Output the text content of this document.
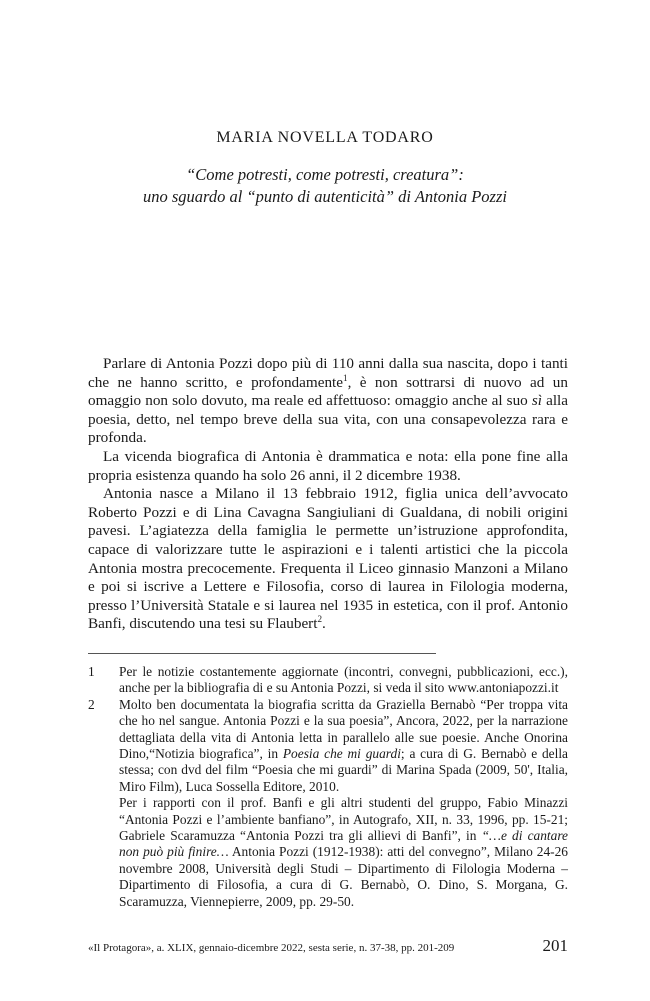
MARIA NOVELLA TODARO
“Come potresti, come potresti, creatura”:
uno sguardo al “punto di autenticità” di Antonia Pozzi

Parlare di Antonia Pozzi dopo più di 110 anni dalla sua nascita, dopo i tanti che ne hanno scritto, e profondamente$^1$, è non sottrarsi di nuovo ad un omaggio non solo dovuto, ma reale ed affettuoso: omaggio anche al suo sì alla poesia, detto, nel tempo breve della sua vita, con una consapevolezza rara e profonda.

La vicenda biografica di Antonia è drammatica e nota: ella pone fine alla propria esistenza quando ha solo 26 anni, il 2 dicembre 1938.

Antonia nasce a Milano il 13 febbraio 1912, figlia unica dell’avvocato Roberto Pozzi e di Lina Cavagna Sangiuliani di Gualdana, di nobili origini pavesi. L’agiatezza della famiglia le permette un’istruzione approfondita, capace di valorizzare tutte le aspirazioni e i talenti artistici che la piccola Antonia mostra precocemente. Frequenta il Liceo ginnasio Manzoni a Milano e poi si iscrive a Lettere e Filosofia, corso di laurea in Filologia moderna, presso l’Università Statale e si laurea nel 1935 in estetica, con il prof. Antonio Banfi, discutendo una tesi su Flaubert$^2$.

1	Per le notizie costantemente aggiornate (incontri, convegni, pubblicazioni, ecc.), anche per la bibliografia di e su Antonia Pozzi, si veda il sito www.antoniapozzi.it

2	Molto ben documentata la biografia scritta da Graziella Bernabò “Per troppa vita che ho nel sangue. Antonia Pozzi e la sua poesia”, Ancora, 2022, per la narrazione dettagliata della vita di Antonia letta in parallelo alle sue poesie. Anche Onorina Dino,“Notizia biografica”, in Poesia che mi guardi; a cura di G. Bernabò e della stessa; con dvd del film “Poesia che mi guardi” di Marina Spada (2009, 50', Italia, Miro Film), Luca Sossella Editore, 2010.

Per i rapporti con il prof. Banfi e gli altri studenti del gruppo, Fabio Minazzi “Antonia Pozzi e l’ambiente banfiano”, in Autografo, XII, n. 33, 1996, pp. 15-21; Gabriele Scaramuzza “Antonia Pozzi tra gli allievi di Banfi”, in “…e di cantare non può più finire… Antonia Pozzi (1912-1938): atti del convegno”, Milano 24-26 novembre 2008, Università degli Studi – Dipartimento di Filologia Moderna – Dipartimento di Filosofia, a cura di G. Bernabò, O. Dino, S. Morgana, G. Scaramuzza, Viennepierre, 2009, pp. 29-50.

«Il Protagora», a. XLIX, gennaio-dicembre 2022, sesta serie, n. 37-38, pp. 201-209	201
